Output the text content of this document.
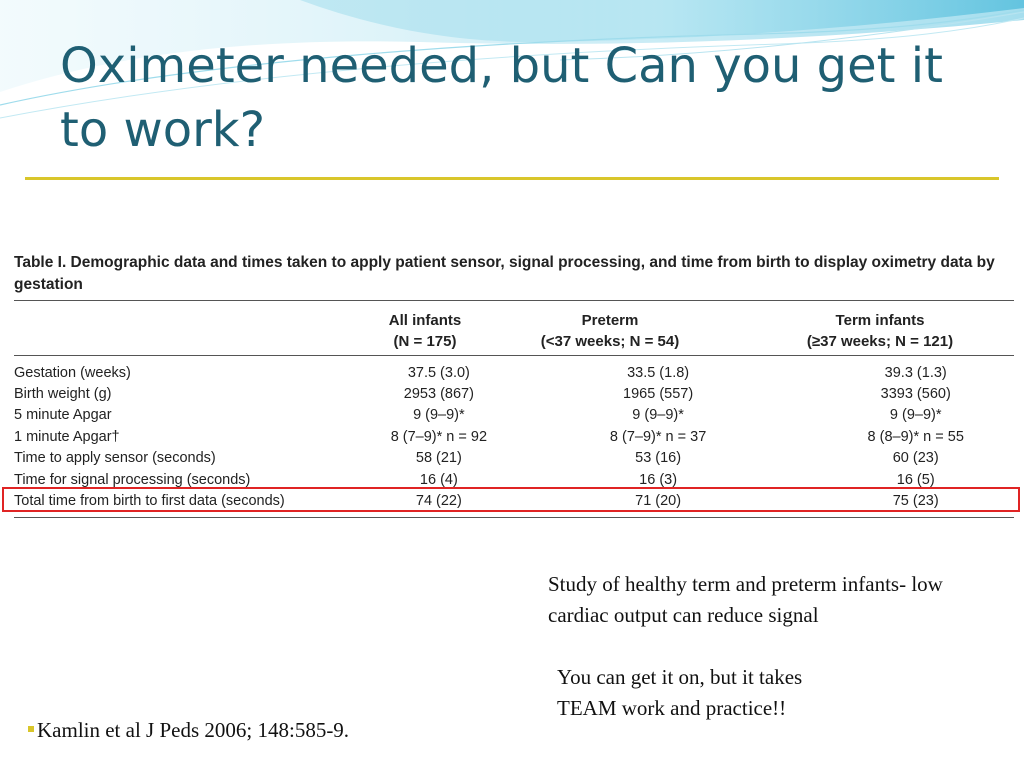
Oximeter needed, but Can you get it to work?

Table I. Demographic data and times taken to apply patient sensor, signal processing, and time from birth to display oximetry data by gestation

All infants
(N = 175)
Preterm
(<37 weeks; N = 54)
Term infants
(≥37 weeks; N = 121)
Gestation (weeks)	37.5 (3.0)	33.5 (1.8)	39.3 (1.3)
Birth weight (g)	2953 (867)	1965 (557)	3393 (560)
5 minute Apgar	9 (9–9)*	9 (9–9)*	9 (9–9)*
1 minute Apgar†	8 (7–9)* n = 92	8 (7–9)* n = 37	8 (8–9)* n = 55
Time to apply sensor (seconds)	58 (21)	53 (16)	60 (23)
Time for signal processing (seconds)	16 (4)	16 (3)	16 (5)
Total time from birth to first data (seconds)	74 (22)	71 (20)	75 (23)

Study of healthy term and preterm infants- low cardiac output can reduce signal

You can get it on, but it takes TEAM work and practice!!

Kamlin et al J Peds 2006; 148:585-9.
